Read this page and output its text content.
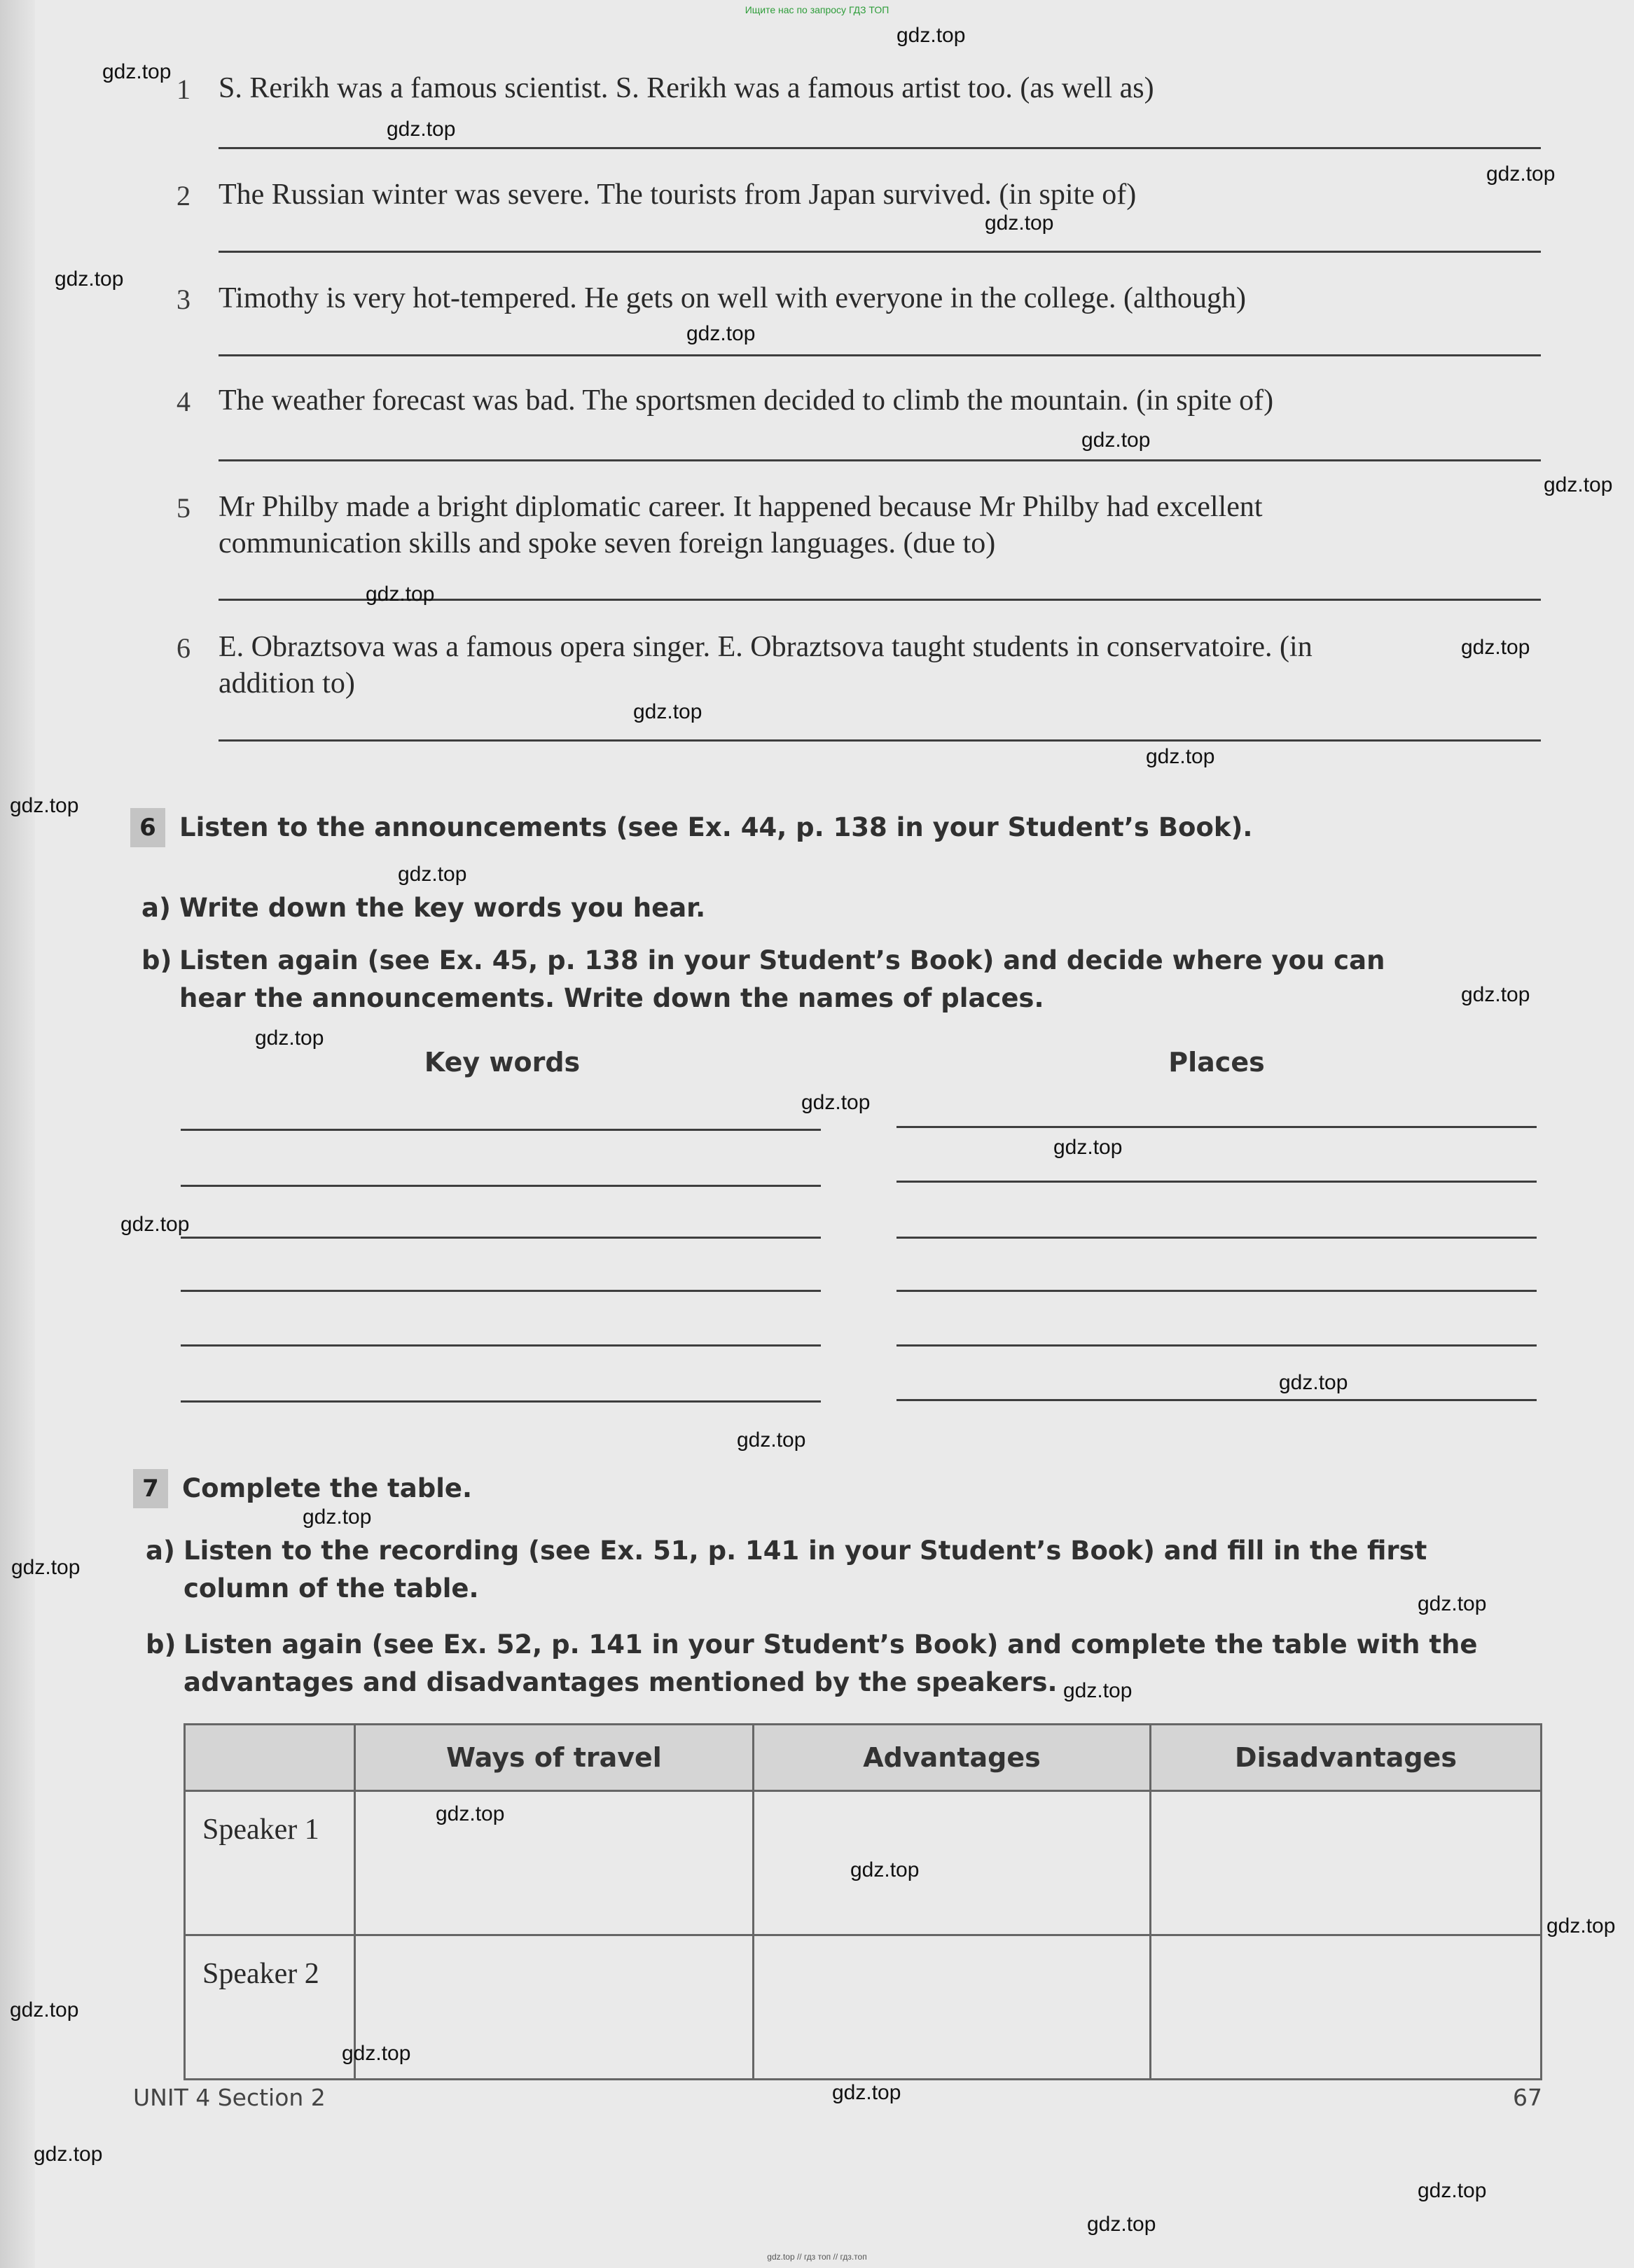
Ищите нас по запросу ГДЗ ТОП
1 S. Rerikh was a famous scientist. S. Rerikh was a famous artist too. (as well as)
2 The Russian winter was severe. The tourists from Japan survived. (in spite of)
3 Timothy is very hot-tempered. He gets on well with everyone in the college. (although)
4 The weather forecast was bad. The sportsmen decided to climb the mountain. (in spite of)
5 Mr Philby made a bright diplomatic career. It happened because Mr Philby had excellent communication skills and spoke seven foreign languages. (due to)
6 E. Obraztsova was a famous opera singer. E. Obraztsova taught students in conservatoire. (in addition to)
6 Listen to the announcements (see Ex. 44, p. 138 in your Student’s Book).
a) Write down the key words you hear.
b) Listen again (see Ex. 45, p. 138 in your Student’s Book) and decide where you can hear the announcements. Write down the names of places.
Key words	Places
7 Complete the table.
a) Listen to the recording (see Ex. 51, p. 141 in your Student’s Book) and fill in the first column of the table.
b) Listen again (see Ex. 52, p. 141 in your Student’s Book) and complete the table with the advantages and disadvantages mentioned by the speakers.
	Ways of travel	Advantages	Disadvantages
Speaker 1			
Speaker 2			
UNIT 4 Section 2	67
gdz.top // гдз топ // гдз.топ
gdz.top
gdz.top
gdz.top
gdz.top
gdz.top
gdz.top
gdz.top
gdz.top
gdz.top
gdz.top
gdz.top
gdz.top
gdz.top
gdz.top
gdz.top
gdz.top
gdz.top
gdz.top
gdz.top
gdz.top
gdz.top
gdz.top
gdz.top
gdz.top
gdz.top
gdz.top
gdz.top
gdz.top
gdz.top
gdz.top
gdz.top
gdz.top
gdz.top
gdz.top
gdz.top
